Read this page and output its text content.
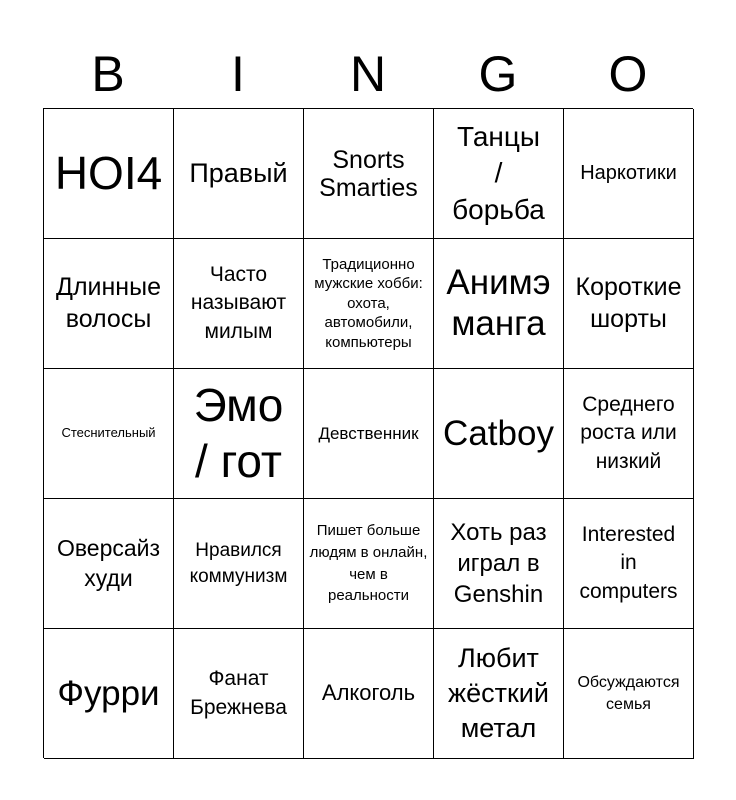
B	I	N	G	O
HOI4 Правый	Snorts Smarties
Танцы / борьба
Наркотики
Длинные волосы
Часто называют милым
Традиционно мужские хобби: охота, автомобили, компьютеры
Анимэ манга
Короткие шорты
Стеснительный
Эмо / гот
Девственник Catboy
Среднего роста или низкий
Оверсайз худи
Нравился коммунизм
Пишет больше людям в онлайн, чем в реальности
Хоть раз играл в Genshin
Interested in computers
Фурри	Фанат Брежнева
Алкоголь
Любит жёсткий метал
Обсуждаются семья
